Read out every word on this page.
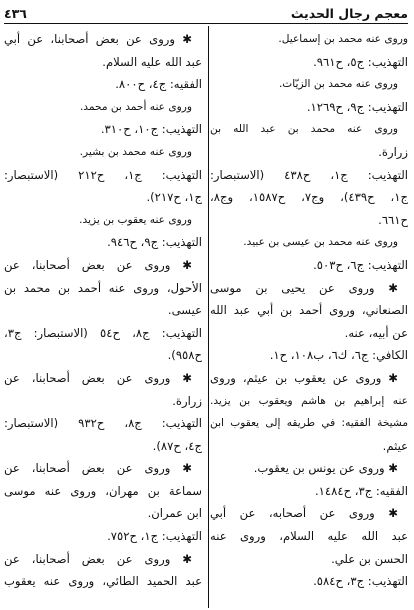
٤٣٦	معجم رجال الحديث
وروى عنه محمد بن إسماعيل.
التهذيب: ج٥، ح٩٦١.
وروى عنه محمد بن الزيّات.
التهذيب: ج٩، ح١٢٦٩.
وروى عنه محمد بن عبد الله بن
زرارة.
التهذيب: ج١، ح٤٣٨ (الاستبصار:
ج١، ح٤٣٩)، وج٧، ح١٥٨٧، وج٨،
ح٦٦١.
وروى عنه محمد بن عيسى بن عبيد.
التهذيب: ج٦، ح٥٠٣.
✱ وروى عن يحيى بن موسى
الصنعاني، وروى أحمد بن أبي عبد الله
عن أبيه، عنه.
الكافي: ج٦، ك٦، ب١٠٨، ح١.
✱ وروى عن يعقوب بن عيثم، وروى
عنه إبراهيم بن هاشم ويعقوب بن يزيد.
مشيخة الفقيه: في طريقه إلى يعقوب ابن
عيثم.
✱ وروى عن يونس بن يعقوب.
الفقيه: ج٣، ح١٤٨٤.
✱ وروى عن أصحابه، عن أبي
عبد الله عليه السلام، وروى عنه
الحسن بن علي.
التهذيب: ج٣، ح٥٨٤.
✱ وروى عن بعض أصحابنا، عن أبي
عبد الله عليه السلام.
الفقيه: ج٤، ح٨٠٠.
وروى عنه أحمد بن محمد.
التهذيب: ج١٠، ح٣١٠.
وروى عنه محمد بن بشير.
التهذيب: ج١، ح٢١٢ (الاستبصار:
ج١، ح٢١٧).
وروى عنه يعقوب بن يزيد.
التهذيب: ج٩، ح٩٤٦.
✱ وروى عن بعض أصحابنا، عن
الأحول، وروى عنه أحمد بن محمد بن
عيسى.
التهذيب: ج٨، ح٥٤ (الاستبصار: ج٣،
ح٩٥٨).
✱ وروى عن بعض أصحابنا، عن
زرارة.
التهذيب: ج٨، ح٩٣٢ (الاستبصار:
ج٤، ح٨٧).
✱ وروى عن بعض أصحابنا، عن
سماعة بن مهران، وروى عنه موسى
ابن عمران.
التهذيب: ج١، ح٧٥٢.
✱ وروى عن بعض أصحابنا، عن
عبد الحميد الطائي، وروى عنه يعقوب
